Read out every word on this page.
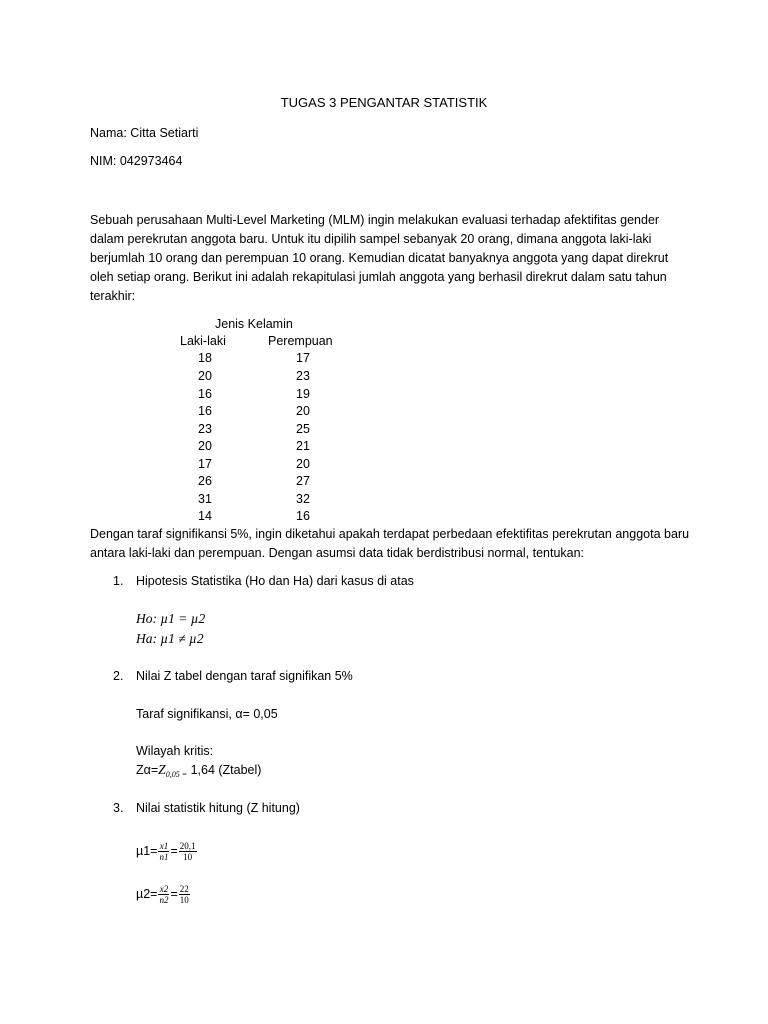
TUGAS 3 PENGANTAR STATISTIK
Nama: Citta Setiarti
NIM: 042973464
Sebuah perusahaan Multi-Level Marketing (MLM) ingin melakukan evaluasi terhadap afektifitas gender dalam perekrutan anggota baru. Untuk itu dipilih sampel sebanyak 20 orang, dimana anggota laki-laki berjumlah 10 orang dan perempuan 10 orang. Kemudian dicatat banyaknya anggota yang dapat direkrut oleh setiap orang. Berikut ini adalah rekapitulasi jumlah anggota yang berhasil direkrut dalam satu tahun terakhir:
Jenis Kelamin
Laki-laki	Perempuan
18	17
20	23
16	19
16	20
23	25
20	21
17	20
26	27
31	32
14	16
Dengan taraf signifikansi 5%, ingin diketahui apakah terdapat perbedaan efektifitas perekrutan anggota baru antara laki-laki dan perempuan. Dengan asumsi data tidak berdistribusi normal, tentukan:
1. Hipotesis Statistika (Ho dan Ha) dari kasus di atas
Ho: µ1 = µ2
Ha: µ1 ≠ µ2
2. Nilai Z tabel dengan taraf signifikan 5%
Taraf signifikansi, α= 0,05
Wilayah kritis:
$Z\alpha=Z_{0,05 =}$ 1,64 (Ztabel)
3. Nilai statistik hitung (Z hitung)
$\mu 1= \frac{x1}{n1} = \frac{20,1}{10}$
$\mu 2= \frac{x2}{n2} = \frac{22}{10}$
